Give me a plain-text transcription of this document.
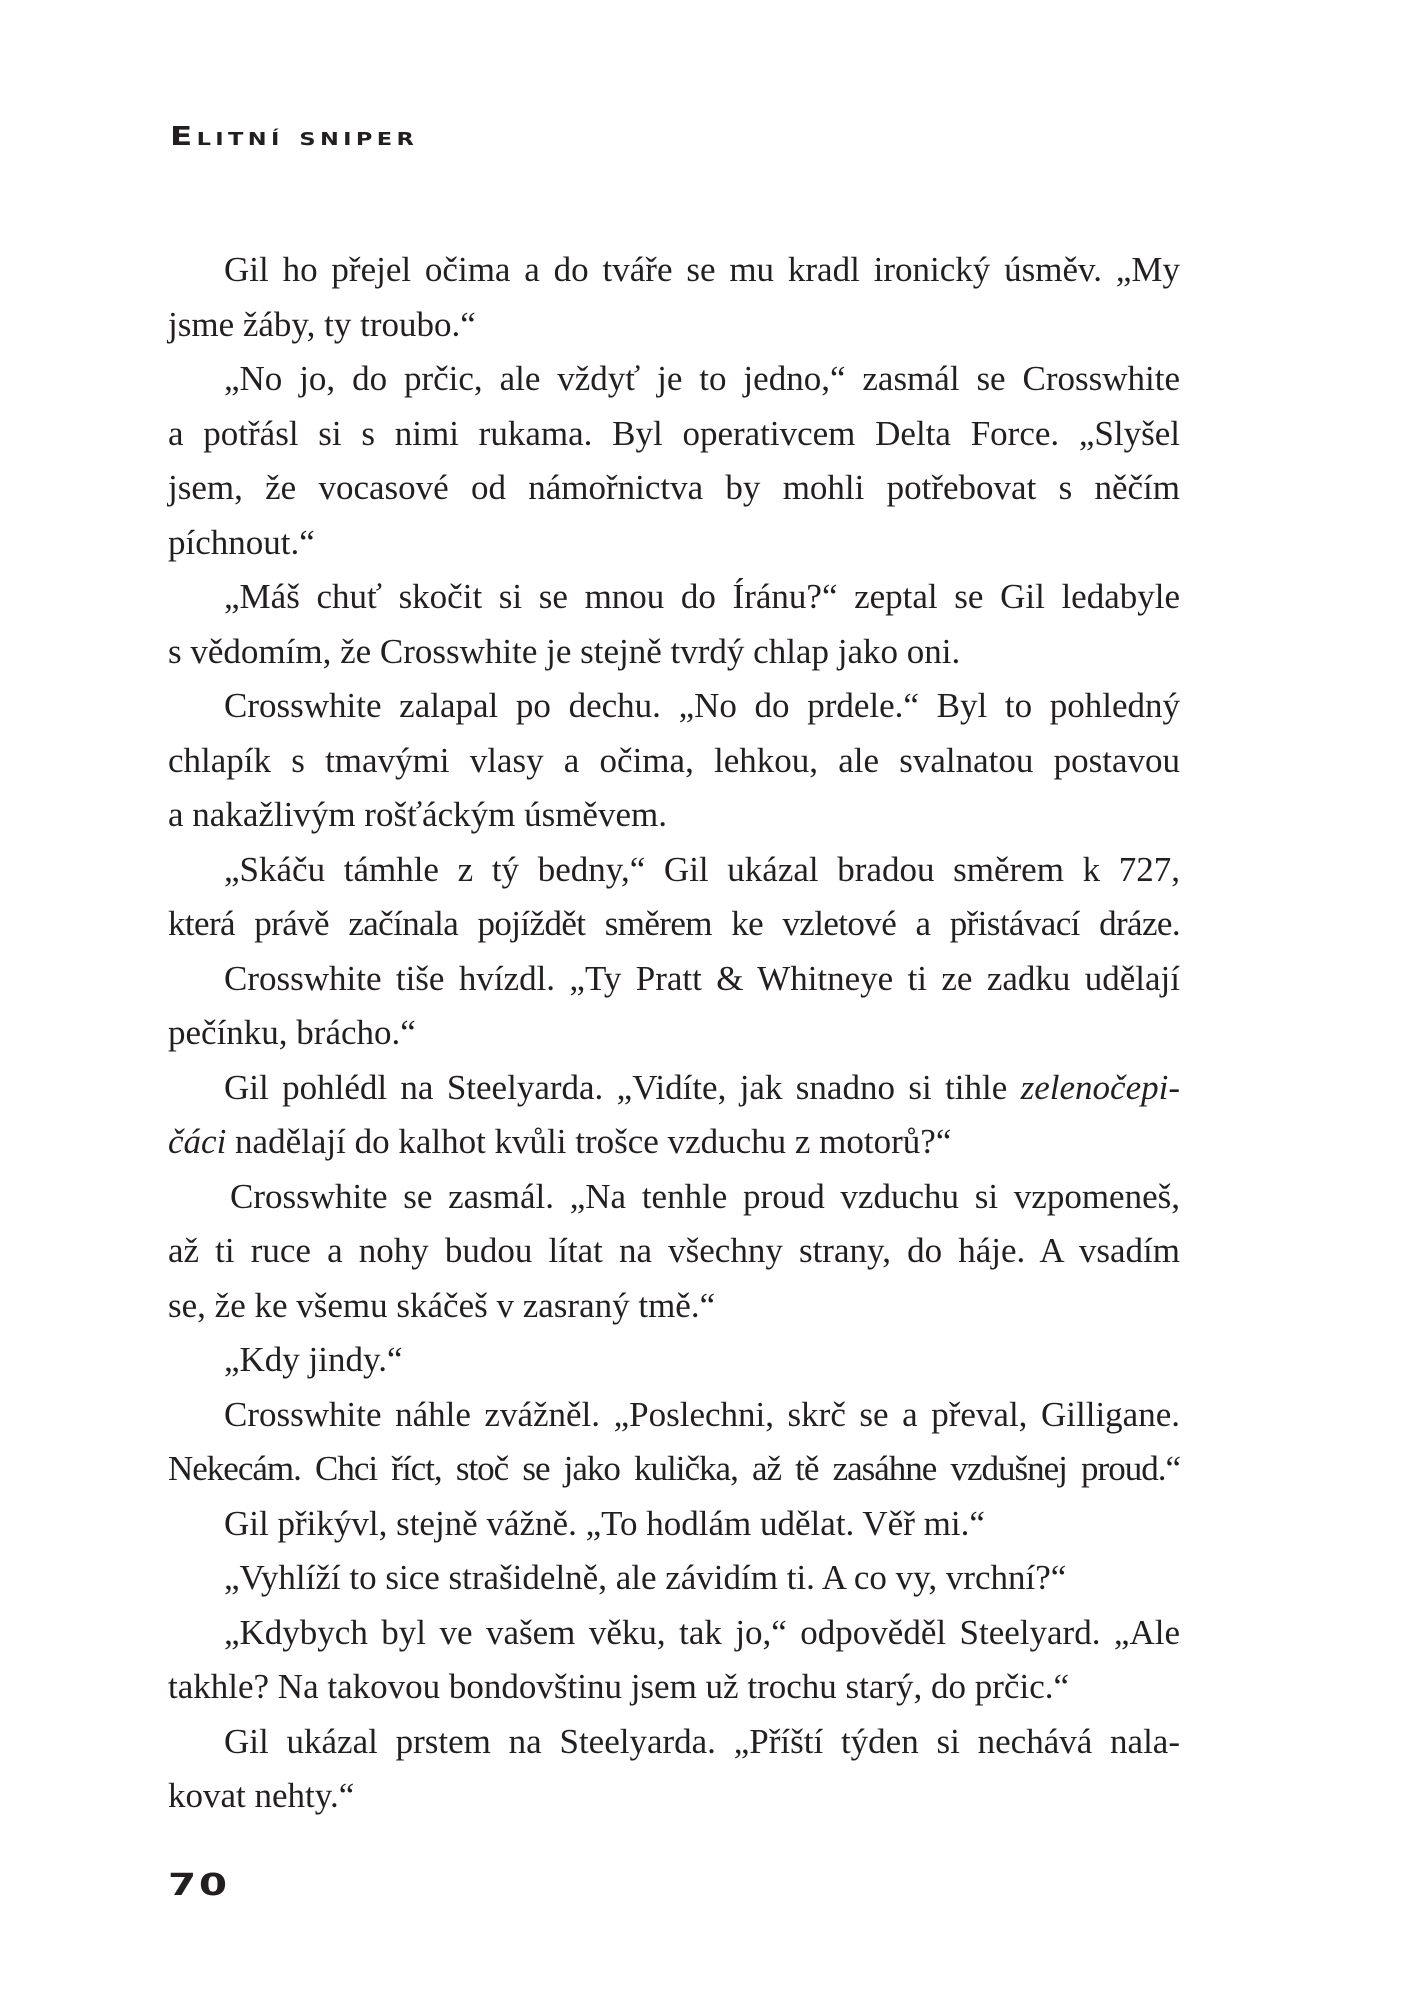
Elitní sniper

Gil ho přejel očima a do tváře se mu kradl ironický úsměv. „My
jsme žáby, ty troubo.“

„No jo, do prčic, ale vždyť je to jedno,“ zasmál se Crosswhite
a potřásl si s nimi rukama. Byl operativcem Delta Force. „Slyšel
jsem, že vocasové od námořnictva by mohli potřebovat s něčím
píchnout.“

„Máš chuť skočit si se mnou do Íránu?“ zeptal se Gil ledabyle
s vědomím, že Crosswhite je stejně tvrdý chlap jako oni.

Crosswhite zalapal po dechu. „No do prdele.“ Byl to pohledný
chlapík s tmavými vlasy a očima, lehkou, ale svalnatou postavou
a nakažlivým rošťáckým úsměvem.

„Skáču támhle z tý bedny,“ Gil ukázal bradou směrem k 727,
která právě začínala pojíždět směrem ke vzletové a přistávací dráze.

Crosswhite tiše hvízdl. „Ty Pratt & Whitneye ti ze zadku udělají
pečínku, brácho.“

Gil pohlédl na Steelyarda. „Vidíte, jak snadno si tihle zelenočepi-
čáci nadělají do kalhot kvůli trošce vzduchu z motorů?“

Crosswhite se zasmál. „Na tenhle proud vzduchu si vzpomeneš,
až ti ruce a nohy budou lítat na všechny strany, do háje. A vsadím
se, že ke všemu skáčeš v zasraný tmě.“

„Kdy jindy.“

Crosswhite náhle zvážněl. „Poslechni, skrč se a převal, Gilligane.
Nekecám. Chci říct, stoč se jako kulička, až tě zasáhne vzdušnej proud.“

Gil přikývl, stejně vážně. „To hodlám udělat. Věř mi.“

„Vyhlíží to sice strašidelně, ale závidím ti. A co vy, vrchní?“

„Kdybych byl ve vašem věku, tak jo,“ odpověděl Steelyard. „Ale
takhle? Na takovou bondovštinu jsem už trochu starý, do prčic.“

Gil ukázal prstem na Steelyarda. „Příští týden si nechává nala-
kovat nehty.“

70
